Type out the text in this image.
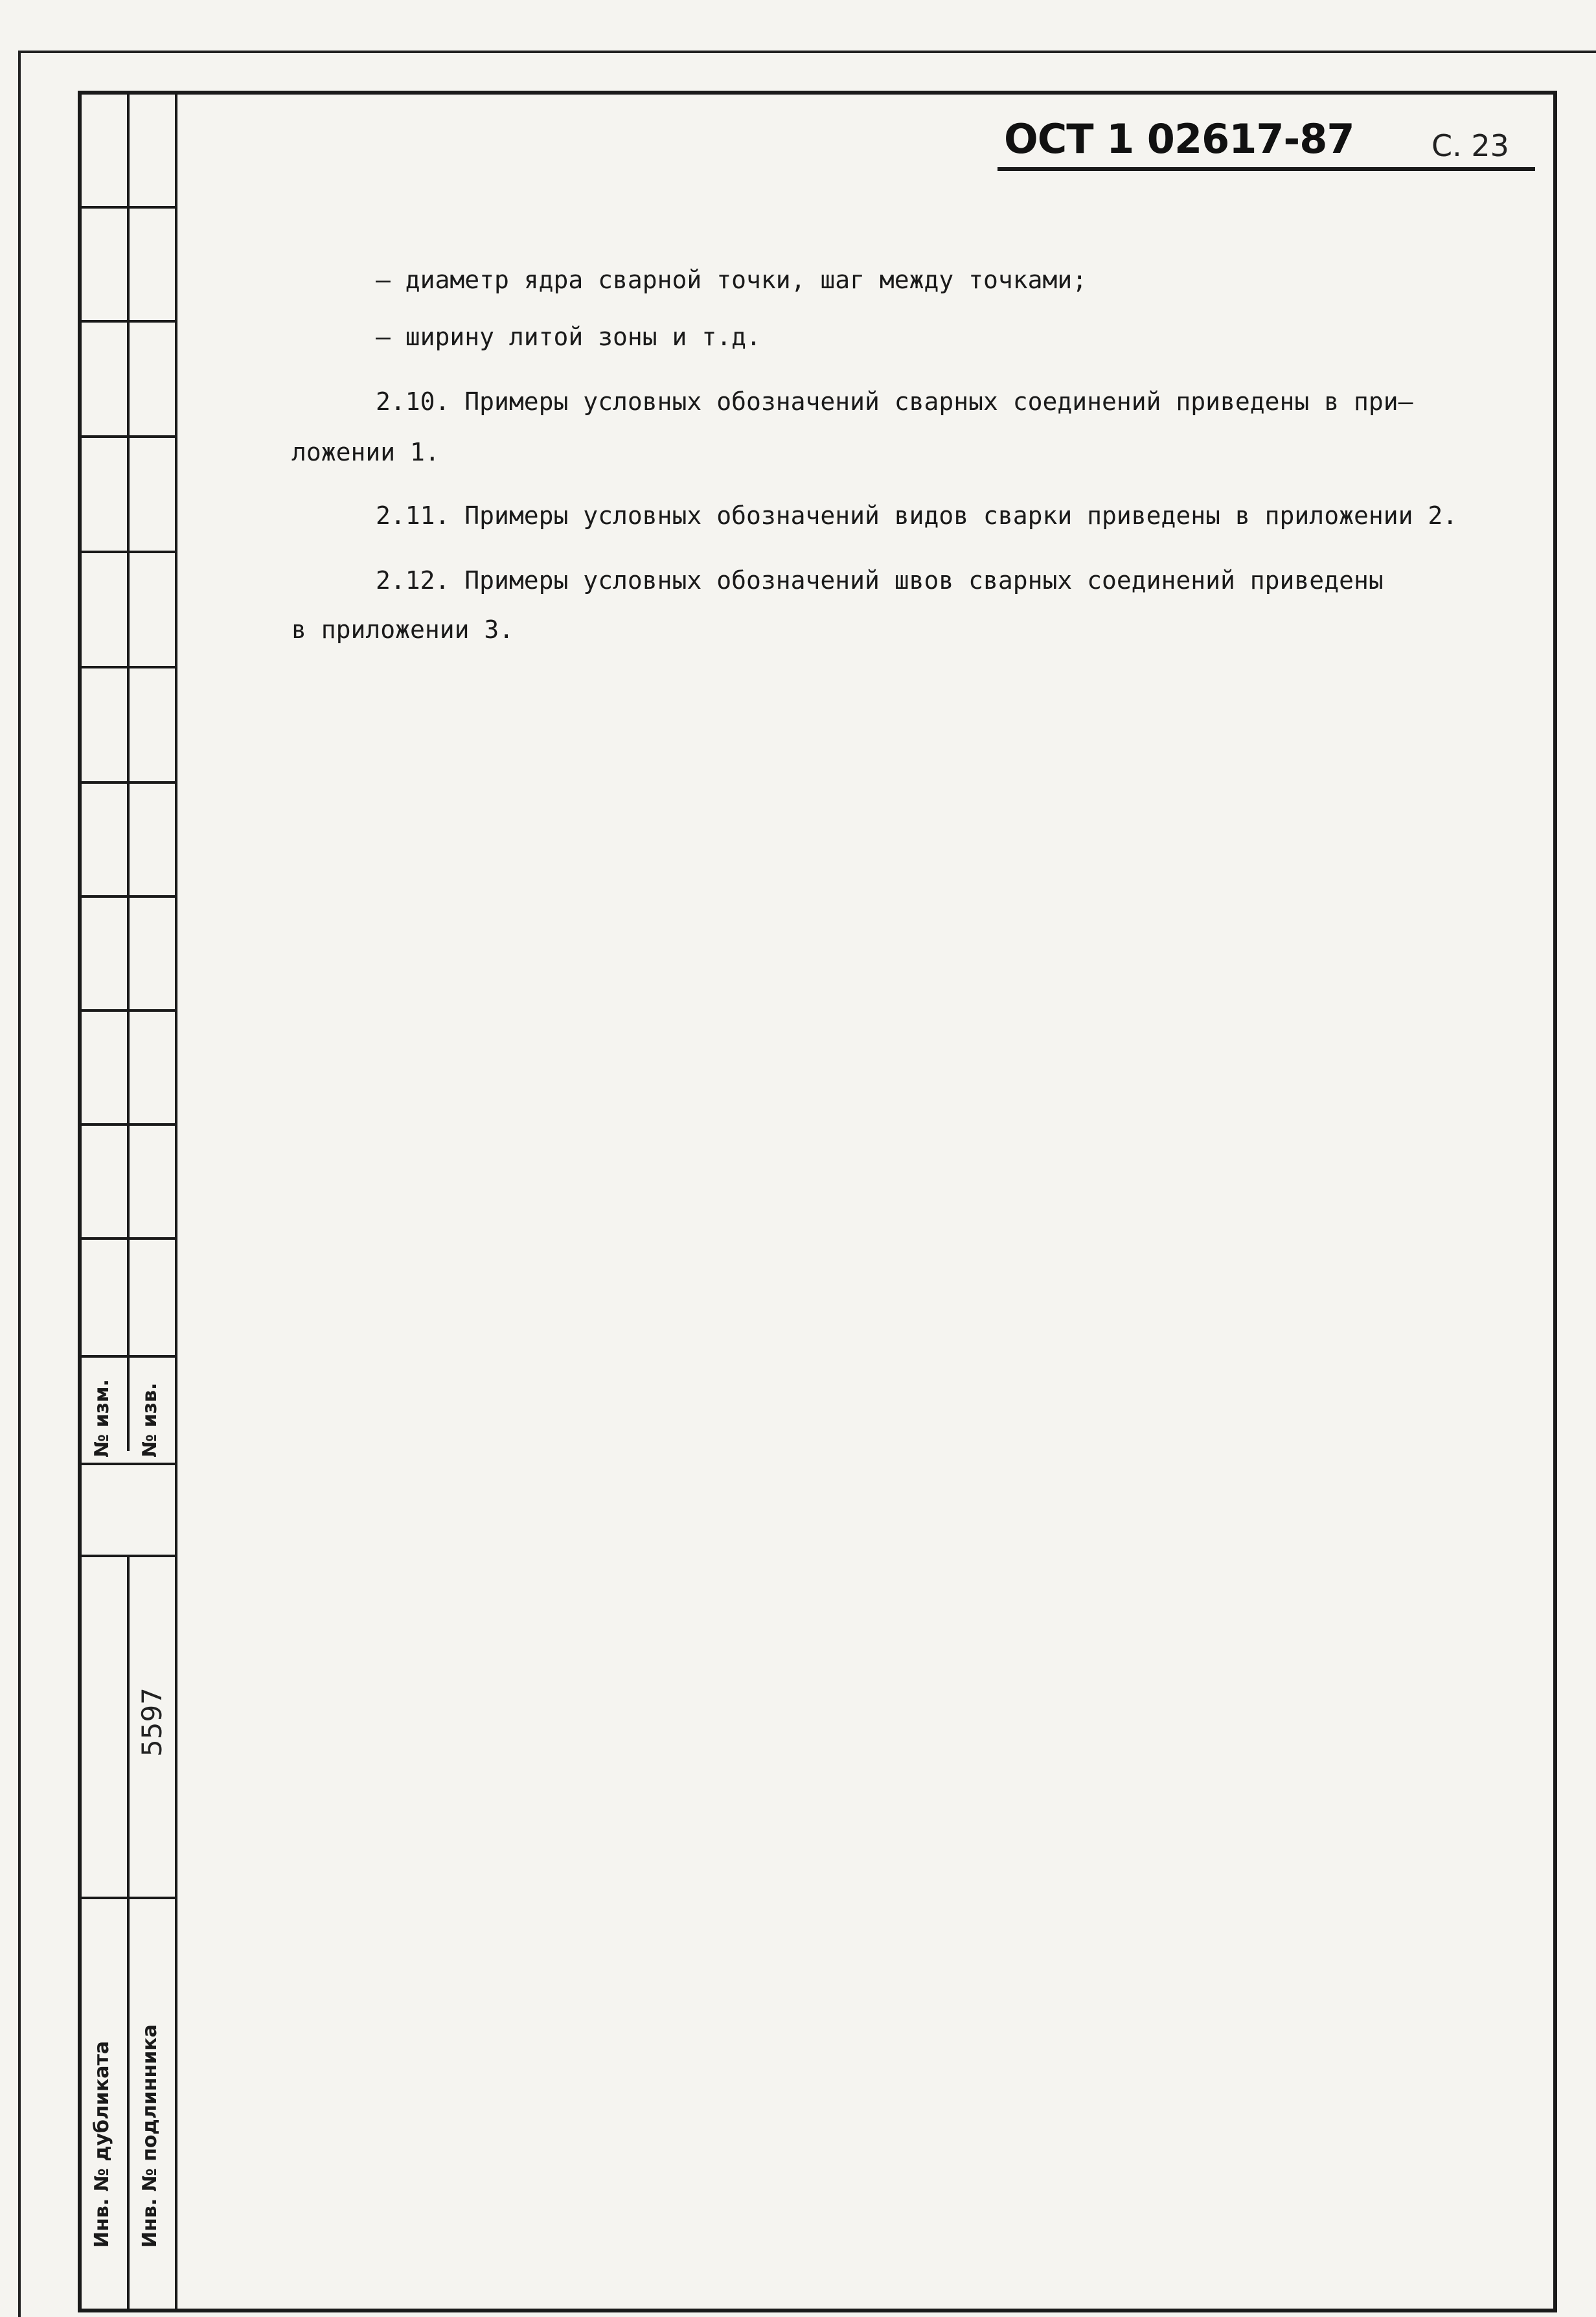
ОСТ 1 02617-87	С. 23
– диаметр ядра сварной точки, шаг между точками;
– ширину литой зоны и т.д.
2.10. Примеры условных обозначений сварных соединений приведены в при–
ложении 1.
2.11. Примеры условных обозначений видов сварки приведены в приложении 2.
2.12. Примеры условных обозначений швов сварных соединений приведены
в приложении 3.
№ изм. № изв.
5597
Инв. № дубликата Инв. № подлинника
